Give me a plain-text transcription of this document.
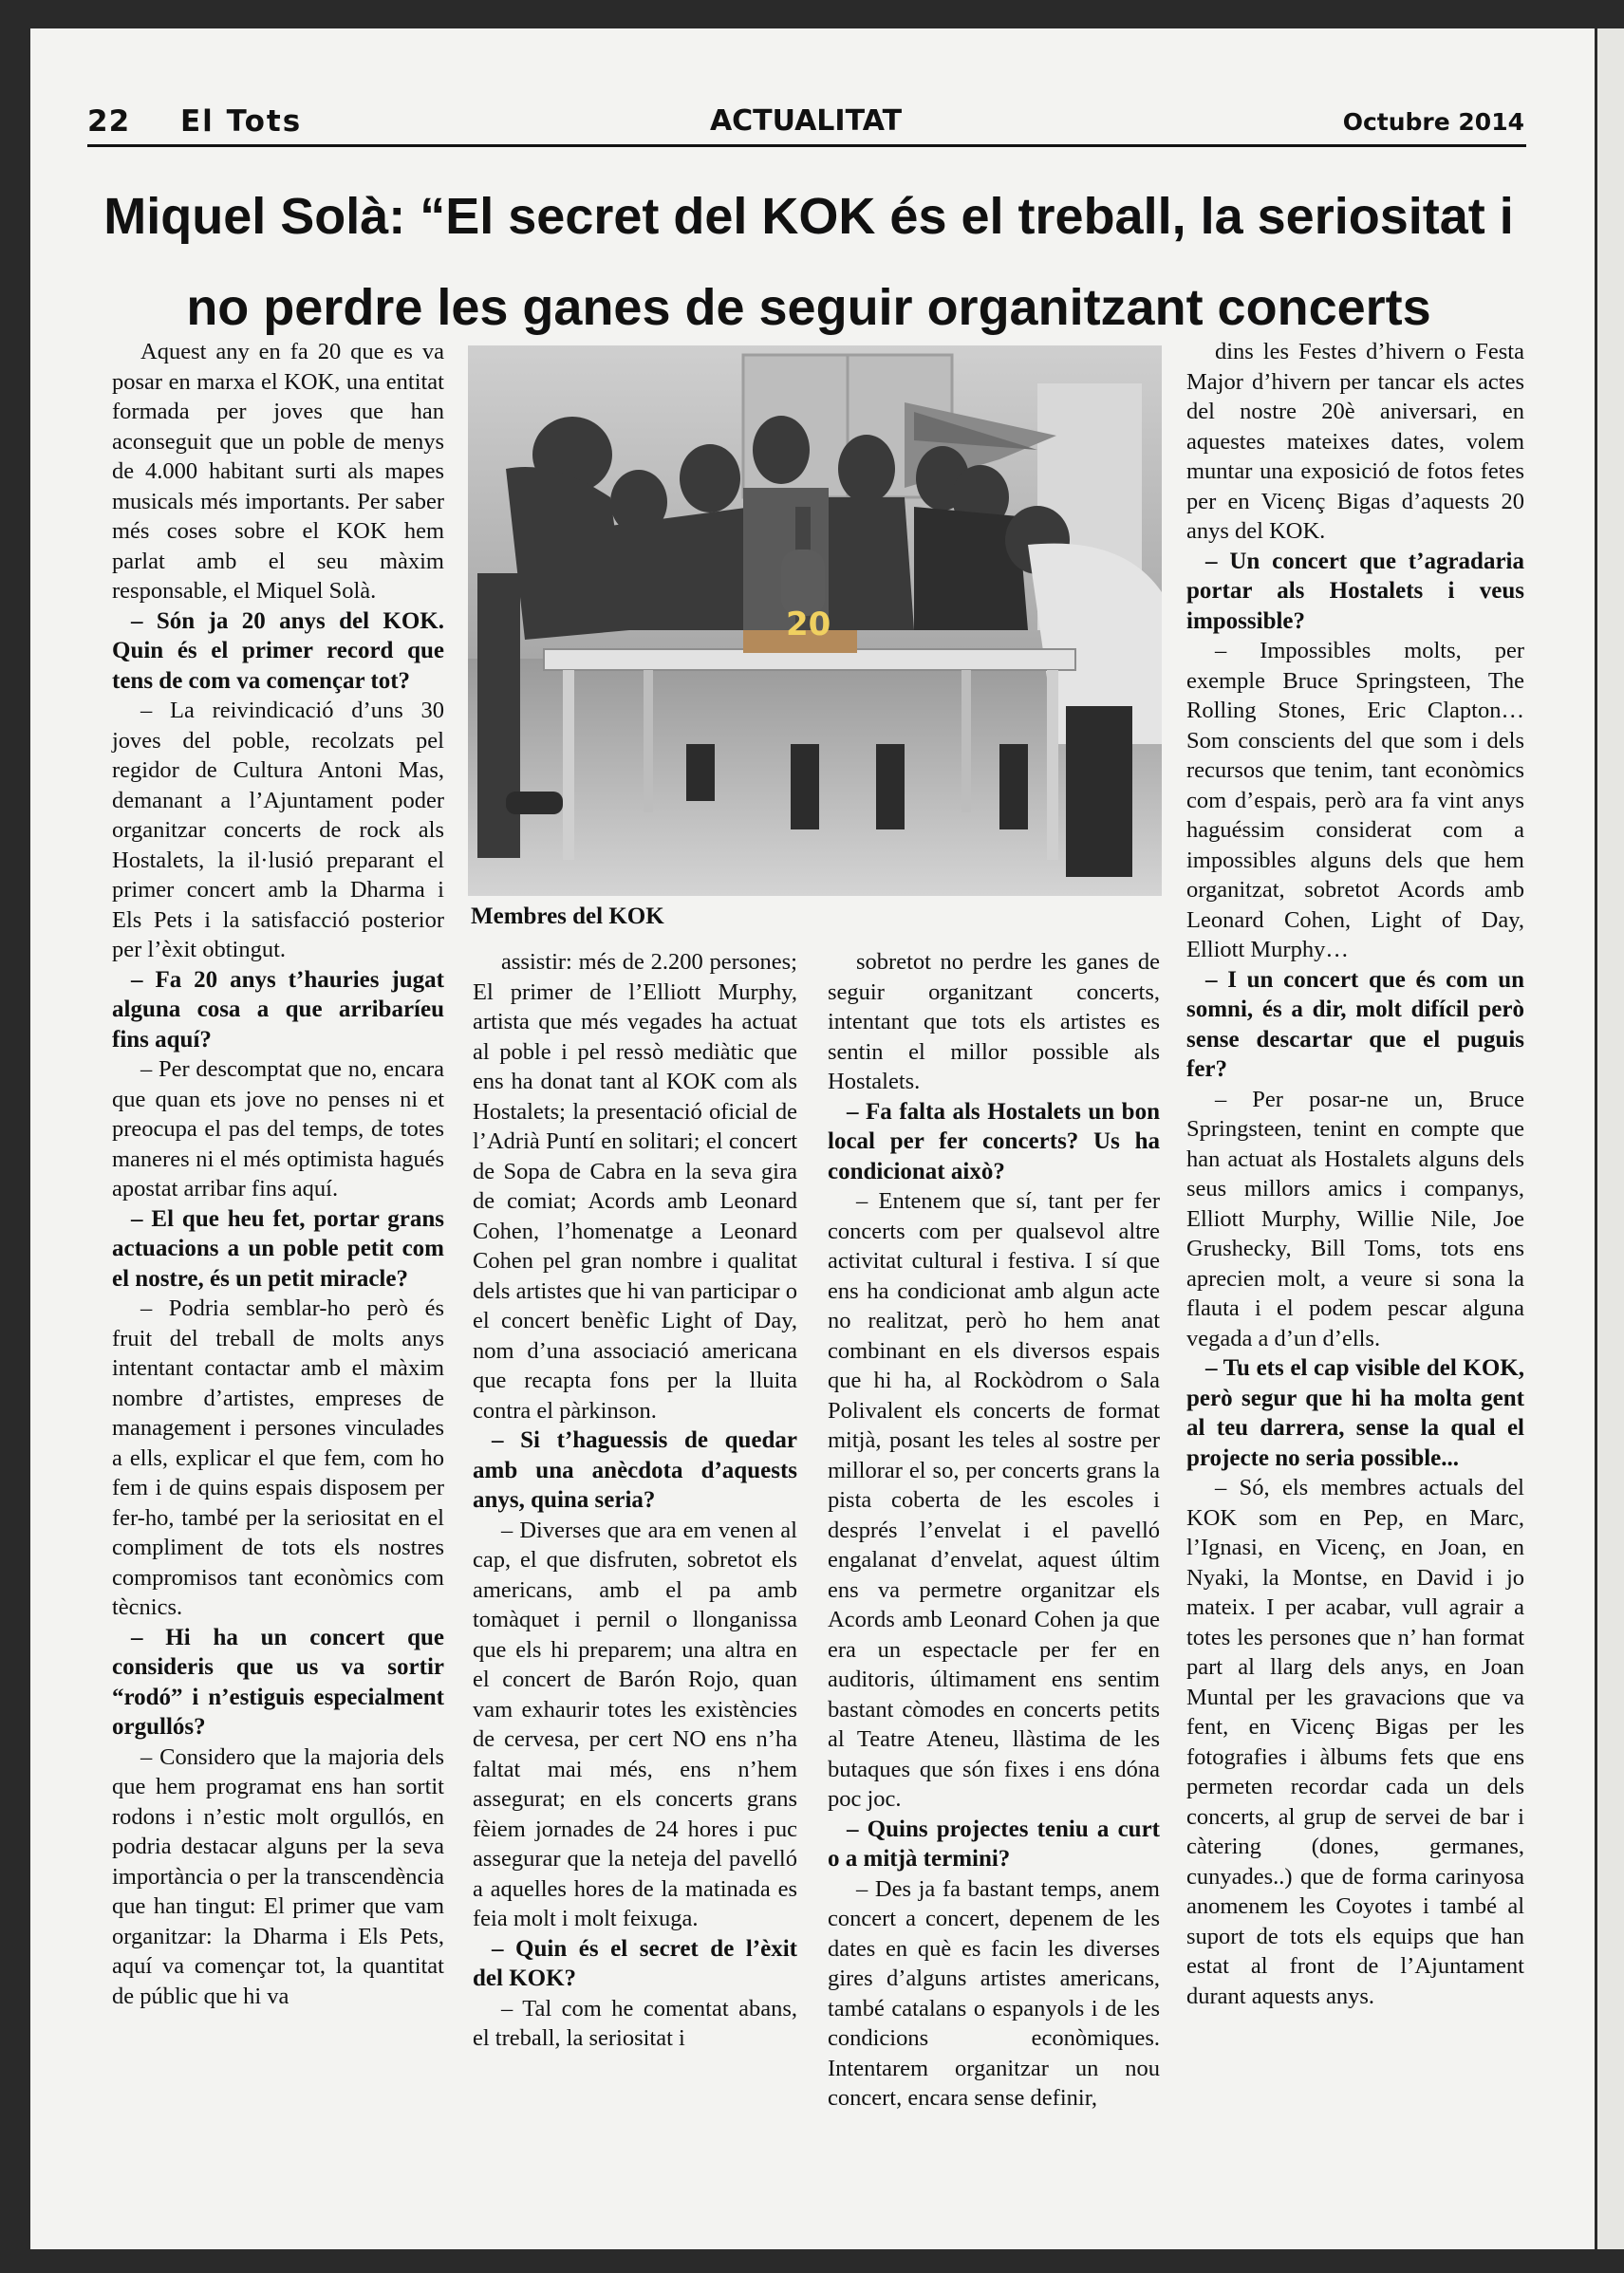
22 El Tots	ACTUALITAT	Octubre 2014
Miquel Solà: “El secret del KOK és el treball, la seriositat i no perdre les ganes de seguir organitzant concerts

Aquest any en fa 20 que es va posar en marxa el KOK, una entitat formada per joves que han aconseguit que un poble de menys de 4.000 habitant surti als mapes musicals més importants. Per saber més coses sobre el KOK hem parlat amb el seu màxim responsable, el Miquel Solà.

– Són ja 20 anys del KOK. Quin és el primer record que tens de com va començar tot?

– La reivindicació d’uns 30 joves del poble, recolzats pel regidor de Cultura Antoni Mas, demanant a l’Ajuntament poder organitzar concerts de rock als Hostalets, la il·lusió preparant el primer concert amb la Dharma i Els Pets i la satisfacció posterior per l’èxit obtingut.

– Fa 20 anys t’hauries jugat alguna cosa a que arribaríeu fins aquí?

– Per descomptat que no, encara que quan ets jove no penses ni et preocupa el pas del temps, de totes maneres ni el més optimista hagués apostat arribar fins aquí.

– El que heu fet, portar grans actuacions a un poble petit com el nostre, és un petit miracle?

– Podria semblar-ho però és fruit del treball de molts anys intentant contactar amb el màxim nombre d’artistes, empreses de management i persones vinculades a ells, explicar el que fem, com ho fem i de quins espais disposem per fer-ho, també per la seriositat en el compliment de tots els nostres compromisos tant econòmics com tècnics.

– Hi ha un concert que consideris que us va sortir “rodó” i n’estiguis especialment orgullós?

– Considero que la majoria dels que hem programat ens han sortit rodons i n’estic molt orgullós, en podria destacar alguns per la seva importància o per la transcendència que han tingut: El primer que vam organitzar: la Dharma i Els Pets, aquí va començar tot, la quantitat de públic que hi va

20
Membres del KOK

assistir: més de 2.200 persones; El primer de l’Elliott Murphy, artista que més vegades ha actuat al poble i pel ressò mediàtic que ens ha donat tant al KOK com als Hostalets; la presentació oficial de l’Adrià Puntí en solitari; el concert de Sopa de Cabra en la seva gira de comiat; Acords amb Leonard Cohen, l’homenatge a Leonard Cohen pel gran nombre i qualitat dels artistes que hi van participar o el concert benèfic Light of Day, nom d’una associació americana que recapta fons per la lluita contra el pàrkinson.

– Si t’haguessis de quedar amb una anècdota d’aquests anys, quina seria?

– Diverses que ara em venen al cap, el que disfruten, sobretot els americans, amb el pa amb tomàquet i pernil o llonganissa que els hi preparem; una altra en el concert de Barón Rojo, quan vam exhaurir totes les existències de cervesa, per cert NO ens n’ha faltat mai més, ens n’hem assegurat; en els concerts grans fèiem jornades de 24 hores i puc assegurar que la neteja del pavelló a aquelles hores de la matinada es feia molt i molt feixuga.

– Quin és el secret de l’èxit del KOK?

– Tal com he comentat abans, el treball, la seriositat i

sobretot no perdre les ganes de seguir organitzant concerts, intentant que tots els artistes es sentin el millor possible als Hostalets.

– Fa falta als Hostalets un bon local per fer concerts? Us ha condicionat això?

– Entenem que sí, tant per fer concerts com per qualsevol altre activitat cultural i festiva. I sí que ens ha condicionat amb algun acte no realitzat, però ho hem anat combinant en els diversos espais que hi ha, al Rockòdrom o Sala Polivalent els concerts de format mitjà, posant les teles al sostre per millorar el so, per concerts grans la pista coberta de les escoles i després l’envelat i el pavelló engalanat d’envelat, aquest últim ens va permetre organitzar els Acords amb Leonard Cohen ja que era un espectacle per fer en auditoris, últimament ens sentim bastant còmodes en concerts petits al Teatre Ateneu, llàstima de les butaques que són fixes i ens dóna poc joc.

– Quins projectes teniu a curt o a mitjà termini?

– Des ja fa bastant temps, anem concert a concert, depenem de les dates en què es facin les diverses gires d’alguns artistes americans, també catalans o espanyols i de les condicions econòmiques. Intentarem organitzar un nou concert, encara sense definir,

dins les Festes d’hivern o Festa Major d’hivern per tancar els actes del nostre 20è aniversari, en aquestes mateixes dates, volem muntar una exposició de fotos fetes per en Vicenç Bigas d’aquests 20 anys del KOK.

– Un concert que t’agradaria portar als Hostalets i veus impossible?

– Impossibles molts, per exemple Bruce Springsteen, The Rolling Stones, Eric Clapton… Som conscients del que som i dels recursos que tenim, tant econòmics com d’espais, però ara fa vint anys haguéssim considerat com a impossibles alguns dels que hem organitzat, sobretot Acords amb Leonard Cohen, Light of Day, Elliott Murphy…

– I un concert que és com un somni, és a dir, molt difícil però sense descartar que el puguis fer?

– Per posar-ne un, Bruce Springsteen, tenint en compte que han actuat als Hostalets alguns dels seus millors amics i companys, Elliott Murphy, Willie Nile, Joe Grushecky, Bill Toms, tots ens aprecien molt, a veure si sona la flauta i el podem pescar alguna vegada a d’un d’ells.

– Tu ets el cap visible del KOK, però segur que hi ha molta gent al teu darrera, sense la qual el projecte no seria possible...

– Só, els membres actuals del KOK som en Pep, en Marc, l’Ignasi, en Vicenç, en Joan, en Nyaki, la Montse, en David i jo mateix. I per acabar, vull agrair a totes les persones que n’ han format part al llarg dels anys, en Joan Muntal per les gravacions que va fent, en Vicenç Bigas per les fotografies i àlbums fets que ens permeten recordar cada un dels concerts, al grup de servei de bar i càtering (dones, germanes, cunyades..) que de forma carinyosa anomenem les Coyotes i també al suport de tots els equips que han estat al front de l’Ajuntament durant aquests anys.
